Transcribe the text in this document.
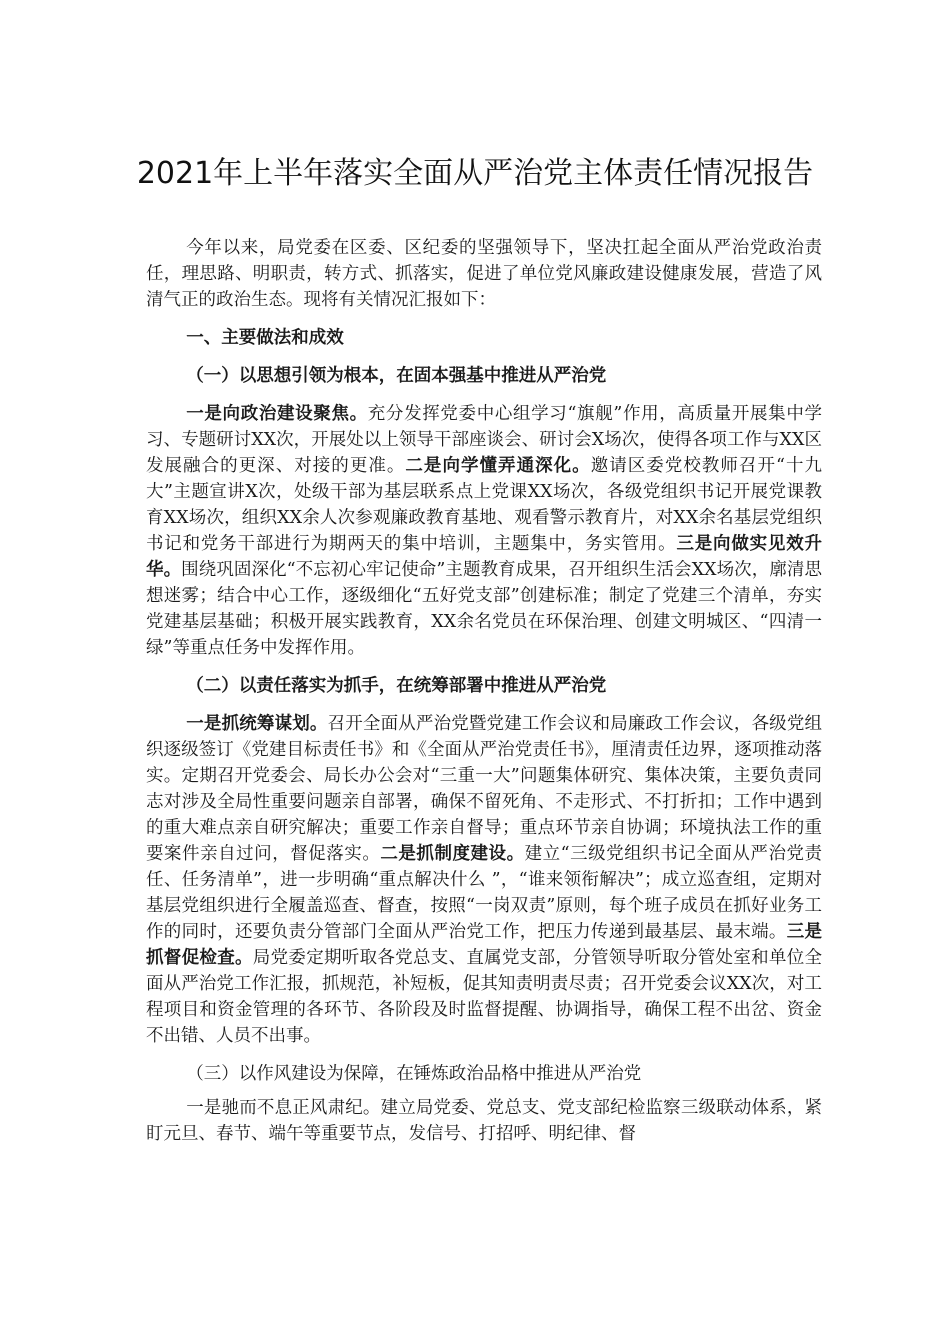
2021年上半年落实全面从严治党主体责任情况报告

今年以来，局党委在区委、区纪委的坚强领导下，坚决扛起全面从严治党政治责任，理思路、明职责，转方式、抓落实，促进了单位党风廉政建设健康发展，营造了风清气正的政治生态。现将有关情况汇报如下：

一、主要做法和成效

（一）以思想引领为根本，在固本强基中推进从严治党

一是向政治建设聚焦。充分发挥党委中心组学习“旗舰”作用，高质量开展集中学习、专题研讨XX次，开展处以上领导干部座谈会、研讨会X场次，使得各项工作与XX区发展融合的更深、对接的更准。二是向学懂弄通深化。邀请区委党校教师召开“十九大”主题宣讲X次，处级干部为基层联系点上党课XX场次，各级党组织书记开展党课教育XX场次，组织XX余人次参观廉政教育基地、观看警示教育片，对XX余名基层党组织书记和党务干部进行为期两天的集中培训，主题集中，务实管用。三是向做实见效升华。围绕巩固深化“不忘初心牢记使命”主题教育成果，召开组织生活会XX场次，廓清思想迷雾；结合中心工作，逐级细化“五好党支部”创建标准；制定了党建三个清单，夯实党建基层基础；积极开展实践教育，XX余名党员在环保治理、创建文明城区、“四清一绿”等重点任务中发挥作用。

（二）以责任落实为抓手，在统筹部署中推进从严治党

一是抓统筹谋划。召开全面从严治党暨党建工作会议和局廉政工作会议，各级党组织逐级签订《党建目标责任书》和《全面从严治党责任书》，厘清责任边界，逐项推动落实。定期召开党委会、局长办公会对“三重一大”问题集体研究、集体决策，主要负责同志对涉及全局性重要问题亲自部署，确保不留死角、不走形式、不打折扣；工作中遇到的重大难点亲自研究解决；重要工作亲自督导；重点环节亲自协调；环境执法工作的重要案件亲自过问，督促落实。二是抓制度建设。建立“三级党组织书记全面从严治党责任、任务清单”，进一步明确“重点解决什么 ”，“谁来领衔解决”；成立巡查组，定期对基层党组织进行全履盖巡查、督查，按照“一岗双责”原则，每个班子成员在抓好业务工作的同时，还要负责分管部门全面从严治党工作，把压力传递到最基层、最末端。三是抓督促检查。局党委定期听取各党总支、直属党支部，分管领导听取分管处室和单位全面从严治党工作汇报，抓规范，补短板，促其知责明责尽责；召开党委会议XX次，对工程项目和资金管理的各环节、各阶段及时监督提醒、协调指导，确保工程不出岔、资金不出错、人员不出事。

（三）以作风建设为保障，在锤炼政治品格中推进从严治党

一是驰而不息正风肃纪。建立局党委、党总支、党支部纪检监察三级联动体系，紧盯元旦、春节、端午等重要节点，发信号、打招呼、明纪律、督
